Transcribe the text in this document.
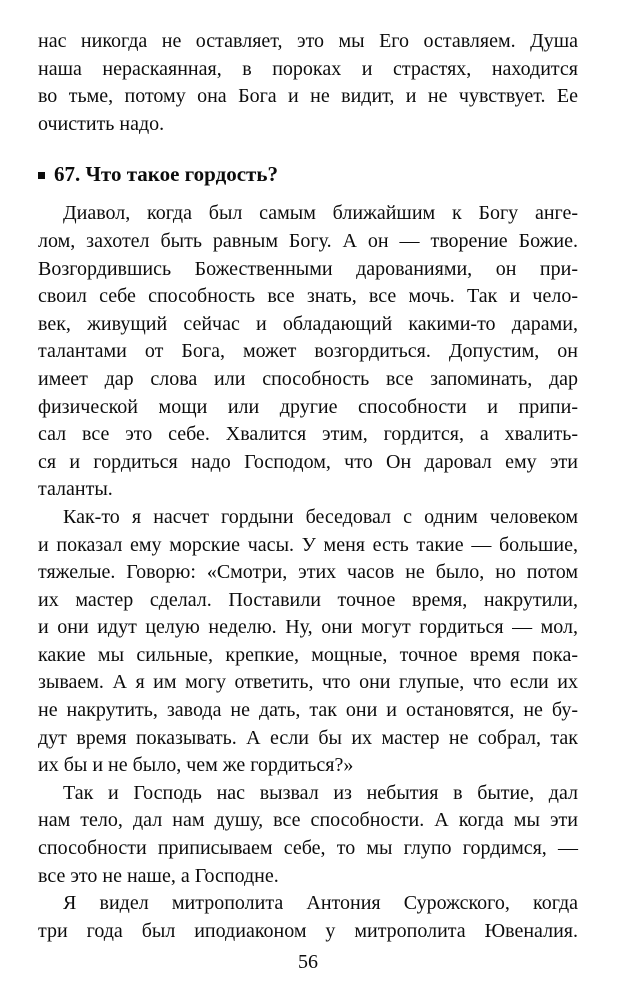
нас никогда не оставляет, это мы Его оставляем. Душа
наша нераскаянная, в пороках и страстях, находится
во тьме, потому она Бога и не видит, и не чувствует. Ее
очистить надо.

67. Что такое гордость?

Диавол, когда был самым ближайшим к Богу анге-
лом, захотел быть равным Богу. А он — творение Божие.
Возгордившись Божественными дарованиями, он при-
своил себе способность все знать, все мочь. Так и чело-
век, живущий сейчас и обладающий какими-то дарами,
талантами от Бога, может возгордиться. Допустим, он
имеет дар слова или способность все запоминать, дар
физической мощи или другие способности и припи-
сал все это себе. Хвалится этим, гордится, а хвалить-
ся и гордиться надо Господом, что Он даровал ему эти
таланты.

Как-то я насчет гордыни беседовал с одним человеком
и показал ему морские часы. У меня есть такие — большие,
тяжелые. Говорю: «Смотри, этих часов не было, но потом
их мастер сделал. Поставили точное время, накрутили,
и они идут целую неделю. Ну, они могут гордиться — мол,
какие мы сильные, крепкие, мощные, точное время пока-
зываем. А я им могу ответить, что они глупые, что если их
не накрутить, завода не дать, так они и остановятся, не бу-
дут время показывать. А если бы их мастер не собрал, так
их бы и не было, чем же гордиться?»

Так и Господь нас вызвал из небытия в бытие, дал
нам тело, дал нам душу, все способности. А когда мы эти
способности приписываем себе, то мы глупо гордимся, —
все это не наше, а Господне.

Я видел митрополита Антония Сурожского, когда
три года был иподиаконом у митрополита Ювеналия.

56
